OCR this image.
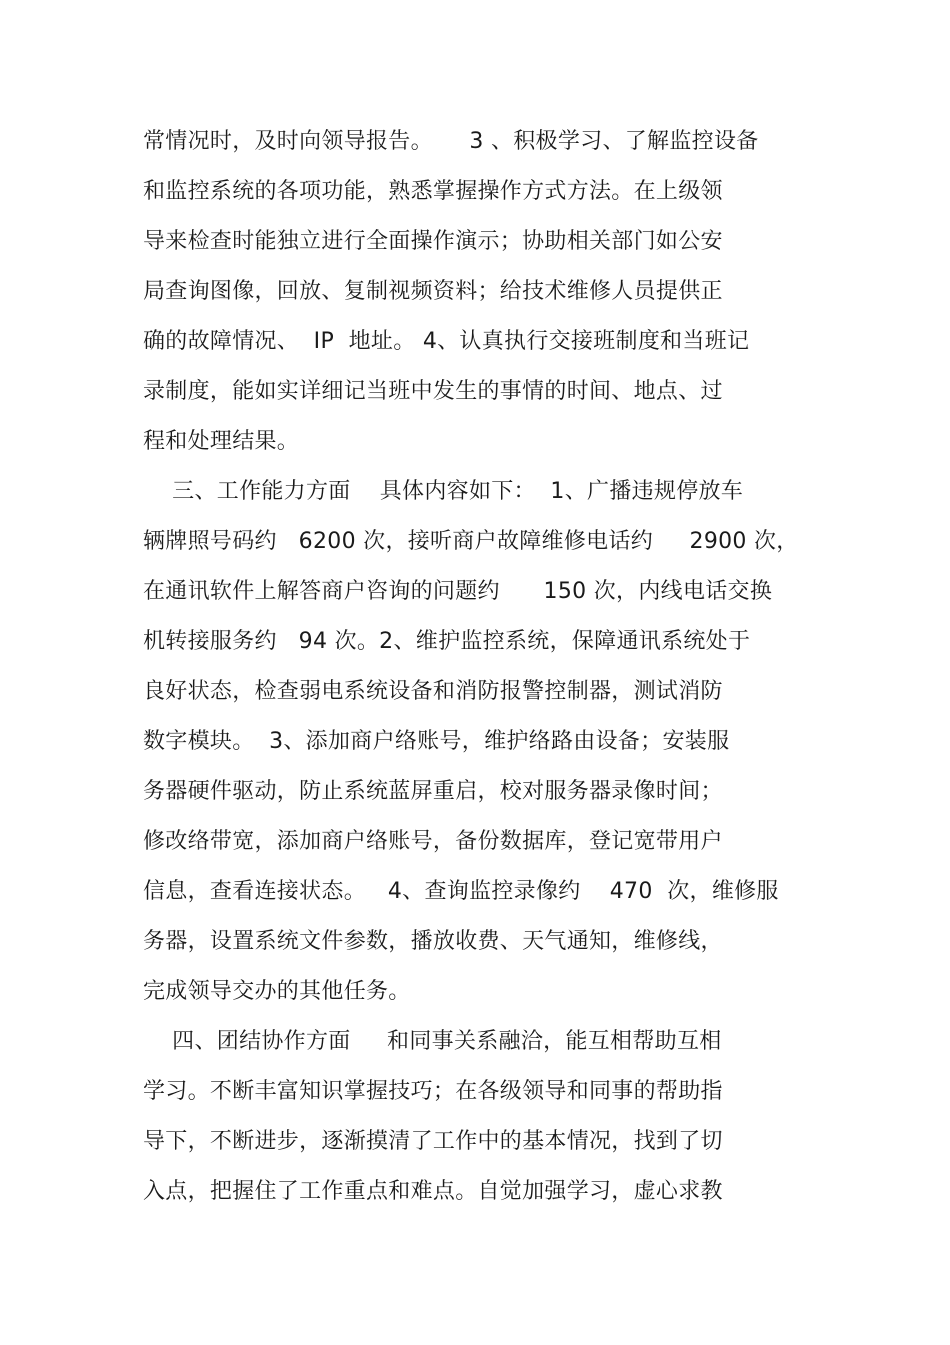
常情况时，及时向领导报告。     3 、积极学习、了解监控设备
和监控系统的各项功能，熟悉掌握操作方式方法。在上级领
导来检查时能独立进行全面操作演示；协助相关部门如公安
局查询图像，回放、复制视频资料；给技术维修人员提供正
确的故障情况、  IP  地址。 4、认真执行交接班制度和当班记
录制度，能如实详细记当班中发生的事情的时间、地点、过
程和处理结果。
三、工作能力方面    具体内容如下：  1、广播违规停放车
辆牌照号码约   6200 次，接听商户故障维修电话约     2900 次，
在通讯软件上解答商户咨询的问题约      150 次，内线电话交换
机转接服务约   94 次。2、维护监控系统，保障通讯系统处于
良好状态，检查弱电系统设备和消防报警控制器，测试消防
数字模块。  3、添加商户络账号，维护络路由设备；安装服
务器硬件驱动，防止系统蓝屏重启，校对服务器录像时间；
修改络带宽，添加商户络账号，备份数据库，登记宽带用户
信息，查看连接状态。   4、查询监控录像约    470  次，维修服
务器，设置系统文件参数，播放收费、天气通知，维修线，
完成领导交办的其他任务。
四、团结协作方面     和同事关系融洽，能互相帮助互相
学习。不断丰富知识掌握技巧；在各级领导和同事的帮助指
导下，不断进步，逐渐摸清了工作中的基本情况，找到了切
入点，把握住了工作重点和难点。自觉加强学习，虚心求教
